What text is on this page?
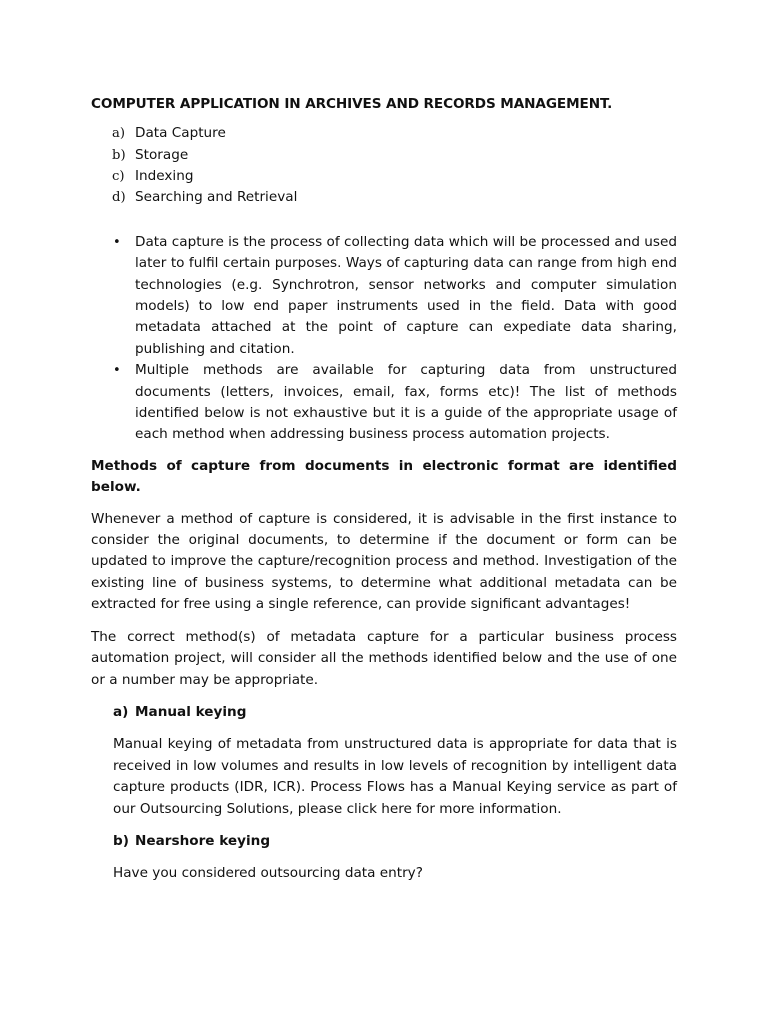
COMPUTER APPLICATION IN ARCHIVES AND RECORDS MANAGEMENT.
a) Data Capture
b) Storage
c) Indexing
d) Searching and Retrieval
•	Data capture is the process of collecting data which will be processed and used later to fulfil certain purposes. Ways of capturing data can range from high end technologies (e.g. Synchrotron, sensor networks and computer simulation models) to low end paper instruments used in the field. Data with good metadata attached at the point of capture can expediate data sharing, publishing and citation.
•	Multiple methods are available for capturing data from unstructured documents (letters, invoices, email, fax, forms etc)! The list of methods identified below is not exhaustive but it is a guide of the appropriate usage of each method when addressing business process automation projects.
Methods of capture from documents in electronic format are identified below.

Whenever a method of capture is considered, it is advisable in the first instance to consider the original documents, to determine if the document or form can be updated to improve the capture/recognition process and method. Investigation of the existing line of business systems, to determine what additional metadata can be extracted for free using a single reference, can provide significant advantages!

The correct method(s) of metadata capture for a particular business process automation project, will consider all the methods identified below and the use of one or a number may be appropriate.

a) Manual keying

Manual keying of metadata from unstructured data is appropriate for data that is received in low volumes and results in low levels of recognition by intelligent data capture products (IDR, ICR). Process Flows has a Manual Keying service as part of our Outsourcing Solutions, please click here for more information.

b) Nearshore keying

Have you considered outsourcing data entry?
